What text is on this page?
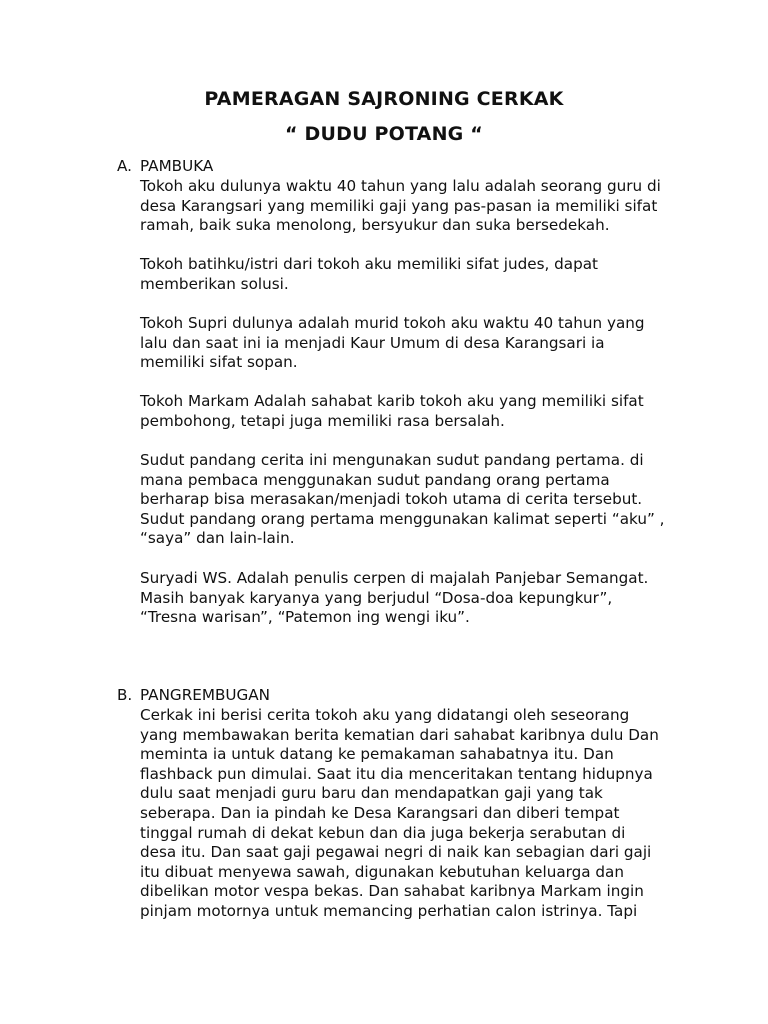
PAMERAGAN SAJRONING CERKAK
“ DUDU POTANG “
A. PAMBUKA
Tokoh aku dulunya waktu 40 tahun yang lalu adalah seorang guru di
desa Karangsari yang memiliki gaji yang pas-pasan ia memiliki sifat
ramah, baik suka menolong, bersyukur dan suka bersedekah.
Tokoh batihku/istri dari tokoh aku memiliki sifat judes, dapat
memberikan solusi.
Tokoh Supri dulunya adalah murid tokoh aku waktu 40 tahun yang
lalu dan saat ini ia menjadi Kaur Umum di desa Karangsari ia
memiliki sifat sopan.
Tokoh Markam Adalah sahabat karib tokoh aku yang memiliki sifat
pembohong, tetapi juga memiliki rasa bersalah.
Sudut pandang cerita ini mengunakan sudut pandang pertama. di
mana pembaca menggunakan sudut pandang orang pertama
berharap bisa merasakan/menjadi tokoh utama di cerita tersebut.
Sudut pandang orang pertama menggunakan kalimat seperti “aku” ,
“saya” dan lain-lain.
Suryadi WS. Adalah penulis cerpen di majalah Panjebar Semangat.
Masih banyak karyanya yang berjudul “Dosa-doa kepungkur”,
“Tresna warisan”, “Patemon ing wengi iku”.
B. PANGREMBUGAN
Cerkak ini berisi cerita tokoh aku yang didatangi oleh seseorang
yang membawakan berita kematian dari sahabat karibnya dulu Dan
meminta ia untuk datang ke pemakaman sahabatnya itu. Dan
flashback pun dimulai. Saat itu dia menceritakan tentang hidupnya
dulu saat menjadi guru baru dan mendapatkan gaji yang tak
seberapa. Dan ia pindah ke Desa Karangsari dan diberi tempat
tinggal rumah di dekat kebun dan dia juga bekerja serabutan di
desa itu. Dan saat gaji pegawai negri di naik kan sebagian dari gaji
itu dibuat menyewa sawah, digunakan kebutuhan keluarga dan
dibelikan motor vespa bekas. Dan sahabat karibnya Markam ingin
pinjam motornya untuk memancing perhatian calon istrinya. Tapi
